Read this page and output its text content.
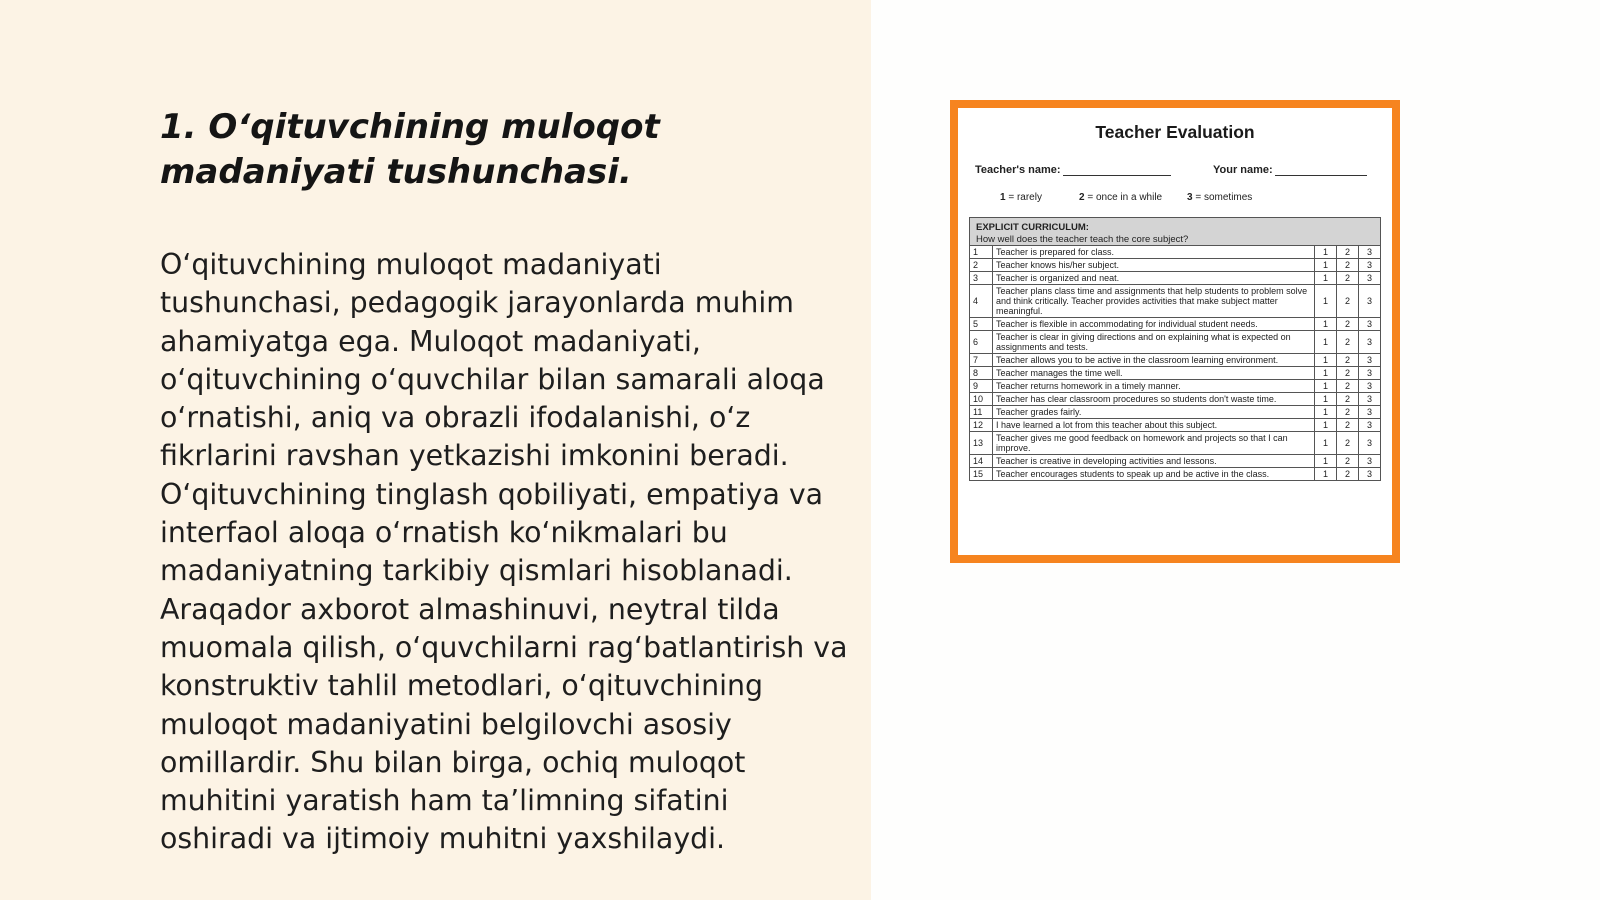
1. O‘qituvchining muloqot madaniyati tushunchasi.

O‘qituvchining muloqot madaniyati tushunchasi, pedagogik jarayonlarda muhim ahamiyatga ega. Muloqot madaniyati, o‘qituvchining o‘quvchilar bilan samarali aloqa o‘rnatishi, aniq va obrazli ifodalanishi, o‘z fikrlarini ravshan yetkazishi imkonini beradi. O‘qituvchining tinglash qobiliyati, empatiya va interfaol aloqa o‘rnatish ko‘nikmalari bu madaniyatning tarkibiy qismlari hisoblanadi. Araqador axborot almashinuvi, neytral tilda muomala qilish, o‘quvchilarni rag‘batlantirish va konstruktiv tahlil metodlari, o‘qituvchining muloqot madaniyatini belgilovchi asosiy omillardir. Shu bilan birga, ochiq muloqot muhitini yaratish ham ta’limning sifatini oshiradi va ijtimoiy muhitni yaxshilaydi.

Teacher Evaluation
Teacher's name:	Your name:
1 = rarely	2 = once in a while 3 = sometimes
EXPLICIT CURRICULUM:
How well does the teacher teach the core subject?
1	Teacher is prepared for class.	1	2	3
2	Teacher knows his/her subject.	1	2	3
3	Teacher is organized and neat.	1	2	3
4	Teacher plans class time and assignments that help students to problem solve and think critically. Teacher provides activities that make subject matter meaningful.	1	2	3
5	Teacher is flexible in accommodating for individual student needs.	1	2	3
6	Teacher is clear in giving directions and on explaining what is expected on assignments and tests.	1	2	3
7	Teacher allows you to be active in the classroom learning environment.	1	2	3
8	Teacher manages the time well.	1	2	3
9	Teacher returns homework in a timely manner.	1	2	3
10	Teacher has clear classroom procedures so students don't waste time.	1	2	3
11	Teacher grades fairly.	1	2	3
12	I have learned a lot from this teacher about this subject.	1	2	3
13	Teacher gives me good feedback on homework and projects so that I can improve.	1	2	3
14	Teacher is creative in developing activities and lessons.	1	2	3
15	Teacher encourages students to speak up and be active in the class.	1	2	3
